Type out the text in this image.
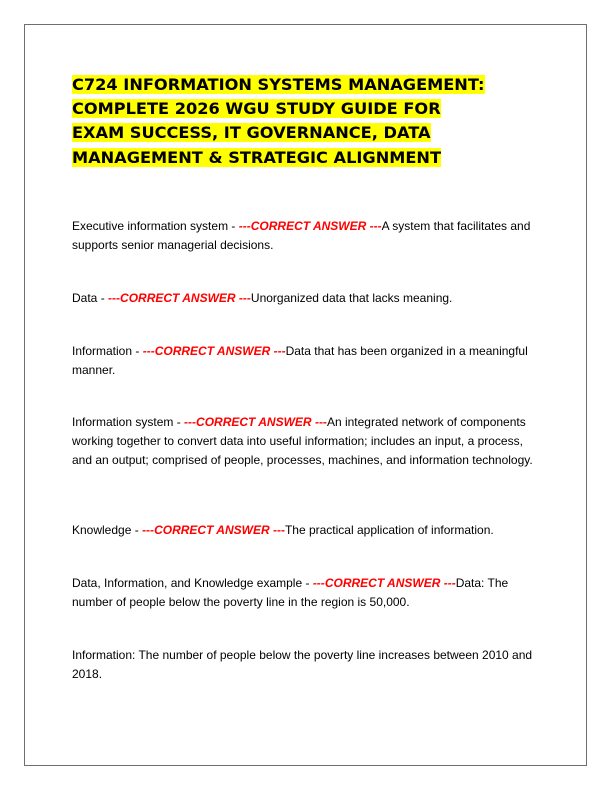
C724 INFORMATION SYSTEMS MANAGEMENT:
COMPLETE 2026 WGU STUDY GUIDE FOR
EXAM SUCCESS, IT GOVERNANCE, DATA
MANAGEMENT & STRATEGIC ALIGNMENT

Executive information system - ---CORRECT ANSWER ---A system that facilitates and supports senior managerial decisions.

Data - ---CORRECT ANSWER ---Unorganized data that lacks meaning.

Information - ---CORRECT ANSWER ---Data that has been organized in a meaningful manner.

Information system - ---CORRECT ANSWER ---An integrated network of components working together to convert data into useful information; includes an input, a process, and an output; comprised of people, processes, machines, and information technology.

Knowledge - ---CORRECT ANSWER ---The practical application of information.

Data, Information, and Knowledge example - ---CORRECT ANSWER ---Data: The number of people below the poverty line in the region is 50,000.

Information: The number of people below the poverty line increases between 2010 and 2018.
